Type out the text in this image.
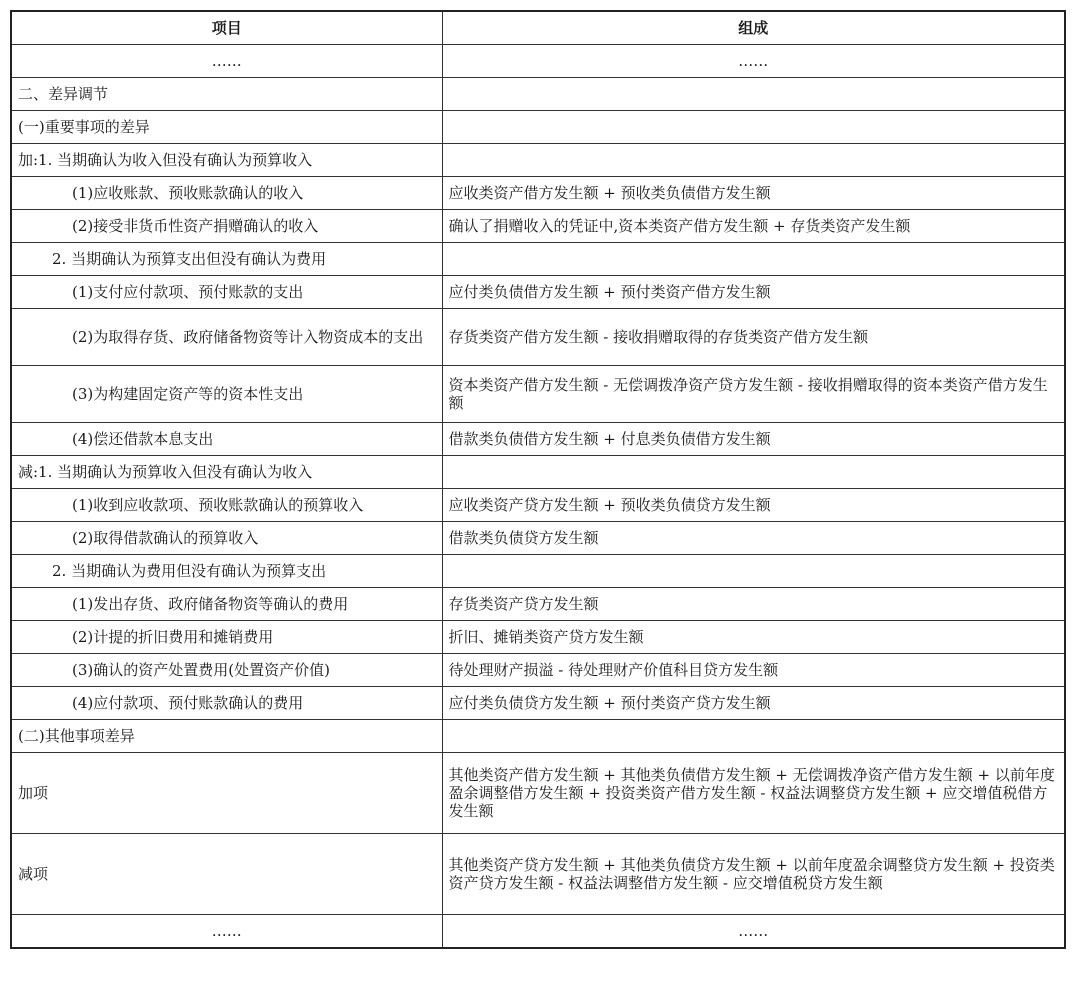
项目	组成
……	……
二、差异调节	
(一)重要事项的差异	
加:1. 当期确认为收入但没有确认为预算收入	
(1)应收账款、预收账款确认的收入	应收类资产借方发生额 + 预收类负债借方发生额
(2)接受非货币性资产捐赠确认的收入	确认了捐赠收入的凭证中,资本类资产借方发生额 + 存货类资产发生额
2. 当期确认为预算支出但没有确认为费用	
(1)支付应付款项、预付账款的支出	应付类负债借方发生额 + 预付类资产借方发生额
(2)为取得存货、政府储备物资等计入物资成本的支出	存货类资产借方发生额 - 接收捐赠取得的存货类资产借方发生额
(3)为构建固定资产等的资本性支出	资本类资产借方发生额 - 无偿调拨净资产贷方发生额 - 接收捐赠取得的资本类资产借方发生额
(4)偿还借款本息支出	借款类负债借方发生额 + 付息类负债借方发生额
减:1. 当期确认为预算收入但没有确认为收入	
(1)收到应收款项、预收账款确认的预算收入	应收类资产贷方发生额 + 预收类负债贷方发生额
(2)取得借款确认的预算收入	借款类负债贷方发生额
2. 当期确认为费用但没有确认为预算支出	
(1)发出存货、政府储备物资等确认的费用	存货类资产贷方发生额
(2)计提的折旧费用和摊销费用	折旧、摊销类资产贷方发生额
(3)确认的资产处置费用(处置资产价值)	待处理财产损溢 - 待处理财产价值科目贷方发生额
(4)应付款项、预付账款确认的费用	应付类负债贷方发生额 + 预付类资产贷方发生额
(二)其他事项差异	
加项	其他类资产借方发生额 + 其他类负债借方发生额 + 无偿调拨净资产借方发生额 + 以前年度盈余调整借方发生额 + 投资类资产借方发生额 - 权益法调整贷方发生额 + 应交增值税借方发生额
减项	其他类资产贷方发生额 + 其他类负债贷方发生额 + 以前年度盈余调整贷方发生额 + 投资类资产贷方发生额 - 权益法调整借方发生额 - 应交增值税贷方发生额
……	……
